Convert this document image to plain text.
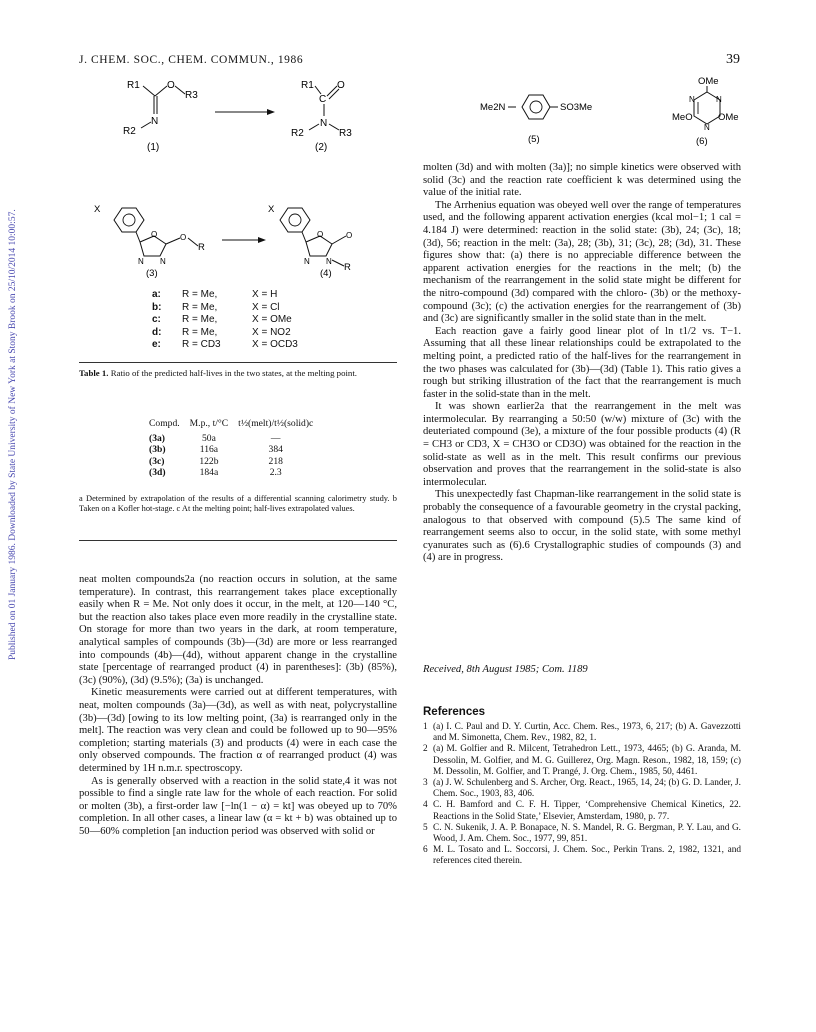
Published on 01 January 1986. Downloaded by State University of New York at Stony Brook on 25/10/2014 10:00:57.
J. CHEM. SOC., CHEM. COMMUN., 1986	39
R1	O
R3
N
R2
(1)
R1
C
O
N
R2	R3
(2)
Me2N	SO3Me
(5)
OMe
N
N
N
MeO	OMe
(6)
X
O
N N
O
R
(3)
X
O
N N
O
R
(4)
a:	R = Me,	X = H
b:	R = Me,	X = Cl
c:	R = Me,	X = OMe
d:	R = Me,	X = NO2
e:	R = CD3	X = OCD3
Table 1. Ratio of the predicted half-lives in the two states, at the melting point.
Compd.	M.p., t/°C	t½(melt)/t½(solid)c

(3a)	50a	—
(3b)	116a	384
(3c)	122b	218
(3d)	184a	2.3
a Determined by extrapolation of the results of a differential scanning calorimetry study. b Taken on a Kofler hot-stage. c At the melting point; half-lives extrapolated values.

neat molten compounds2a (no reaction occurs in solution, at the same temperature). In contrast, this rearrangement takes place exceptionally easily when R = Me. Not only does it occur, in the melt, at 120—140 °C, but the reaction also takes place even more readily in the crystalline state. On storage for more than two years in the dark, at room temperature, analytical samples of compounds (3b)—(3d) are more or less rearranged into compounds (4b)—(4d), without apparent change in the crystalline state [percentage of rearranged product (4) in parentheses]: (3b) (85%), (3c) (90%), (3d) (9.5%); (3a) is unchanged.

Kinetic measurements were carried out at different temperatures, with neat, molten compounds (3a)—(3d), as well as with neat, polycrystalline (3b)—(3d) [owing to its low melting point, (3a) is rearranged only in the melt]. The reaction was very clean and could be followed up to 90—95% completion; starting materials (3) and products (4) were in each case the only observed compounds. The fraction α of rearranged product (4) was determined by 1H n.m.r. spectroscopy.

As is generally observed with a reaction in the solid state,4 it was not possible to find a single rate law for the whole of each reaction. For solid or molten (3b), a first-order law [−ln(1 − α) = kt] was obeyed up to 70% completion. In all other cases, a linear law (α = kt + b) was obtained up to 50—60% completion [an induction period was observed with solid or

molten (3d) and with molten (3a)]; no simple kinetics were observed with solid (3c) and the reaction rate coefficient k was determined using the value of the initial rate.

The Arrhenius equation was obeyed well over the range of temperatures used, and the following apparent activation energies (kcal mol−1; 1 cal = 4.184 J) were determined: reaction in the solid state: (3b), 24; (3c), 18; (3d), 56; reaction in the melt: (3a), 28; (3b), 31; (3c), 28; (3d), 31. These figures show that: (a) there is no appreciable difference between the apparent activation energies for the reactions in the melt; (b) the mechanism of the rearrangement in the solid state might be different for the nitro-compound (3d) compared with the chloro- (3b) or the methoxy-compound (3c); (c) the activation energies for the rearrangement of (3b) and (3c) are significantly smaller in the solid state than in the melt.

Each reaction gave a fairly good linear plot of ln t1/2 vs. T−1. Assuming that all these linear relationships could be extrapolated to the melting point, a predicted ratio of the half-lives for the rearrangement in the two phases was calculated for (3b)—(3d) (Table 1). This ratio gives a rough but striking illustration of the fact that the rearrangement is much faster in the solid-state than in the melt.

It was shown earlier2a that the rearrangement in the melt was intermolecular. By rearranging a 50:50 (w/w) mixture of (3c) with the deuteriated compound (3e), a mixture of the four possible products (4) (R = CH3 or CD3, X = CH3O or CD3O) was obtained for the reaction in the solid-state as well as in the melt. This result confirms our previous observation and proves that the rearrangement in the solid-state is also intermolecular.

This unexpectedly fast Chapman-like rearrangement in the solid state is probably the consequence of a favourable geometry in the crystal packing, analogous to that observed with compound (5).5 The same kind of rearrangement seems also to occur, in the solid state, with some methyl cyanurates such as (6).6 Crystallographic studies of compounds (3) and (4) are in progress.

Received, 8th August 1985; Com. 1189
References
1 (a) I. C. Paul and D. Y. Curtin, Acc. Chem. Res., 1973, 6, 217; (b) A. Gavezzotti and M. Simonetta, Chem. Rev., 1982, 82, 1.
2 (a) M. Golfier and R. Milcent, Tetrahedron Lett., 1973, 4465; (b) G. Aranda, M. Dessolin, M. Golfier, and M. G. Guillerez, Org. Magn. Reson., 1982, 18, 159; (c) M. Dessolin, M. Golfier, and T. Prangé, J. Org. Chem., 1985, 50, 4461.
3 (a) J. W. Schulenberg and S. Archer, Org. React., 1965, 14, 24; (b) G. D. Lander, J. Chem. Soc., 1903, 83, 406.
4 C. H. Bamford and C. F. H. Tipper, ‘Comprehensive Chemical Kinetics, 22. Reactions in the Solid State,’ Elsevier, Amsterdam, 1980, p. 77.
5 C. N. Sukenik, J. A. P. Bonapace, N. S. Mandel, R. G. Bergman, P. Y. Lau, and G. Wood, J. Am. Chem. Soc., 1977, 99, 851.
6 M. L. Tosato and L. Soccorsi, J. Chem. Soc., Perkin Trans. 2, 1982, 1321, and references cited therein.
